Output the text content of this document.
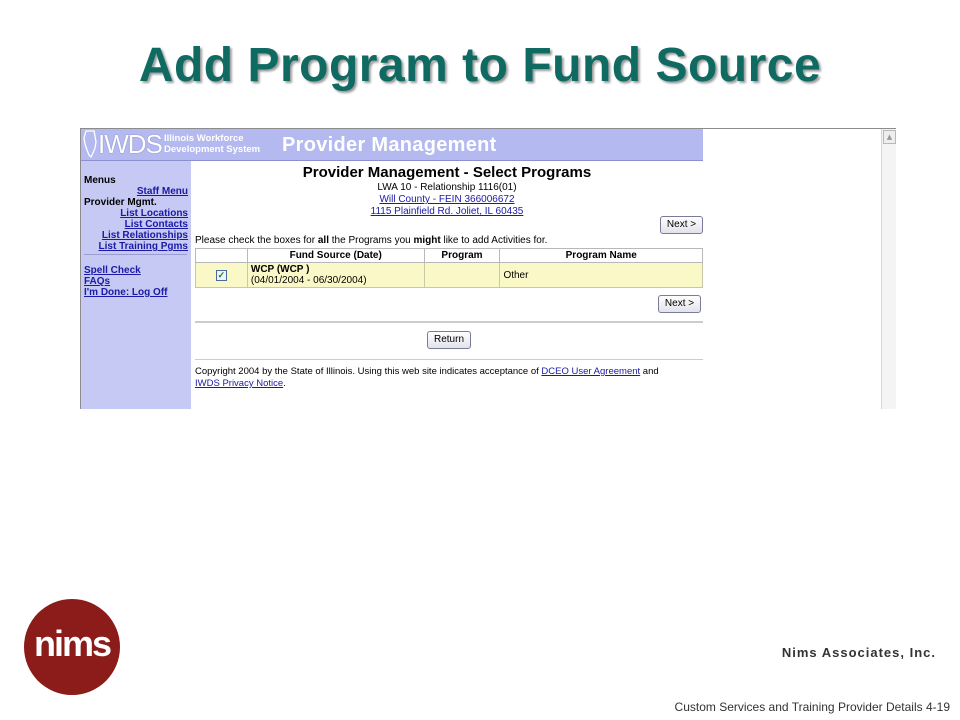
Add Program to Fund Source
IWDS Illinois Workforce
Development System Provider Management
Menus
Staff Menu
Provider Mgmt.
List Locations
List Contacts
List Relationships
List Training Pgms
Spell Check
FAQs
I'm Done: Log Off
Provider Management - Select Programs
LWA 10 - Relationship 1116(01)
Will County - FEIN 366006672
1115 Plainfield Rd. Joliet, IL 60435
Next >
Please check the boxes for all the Programs you might like to add Activities for.
	Fund Source (Date)	Program	Program Name
✓	WCP (WCP )
(04/01/2004 - 06/30/2004)		Other
Next >
Return
Copyright 2004 by the State of Illinois. Using this web site indicates acceptance of DCEO User Agreement and
IWDS Privacy Notice.
▲
nims	Nims Associates, Inc.
Custom Services and Training Provider Details 4-19
